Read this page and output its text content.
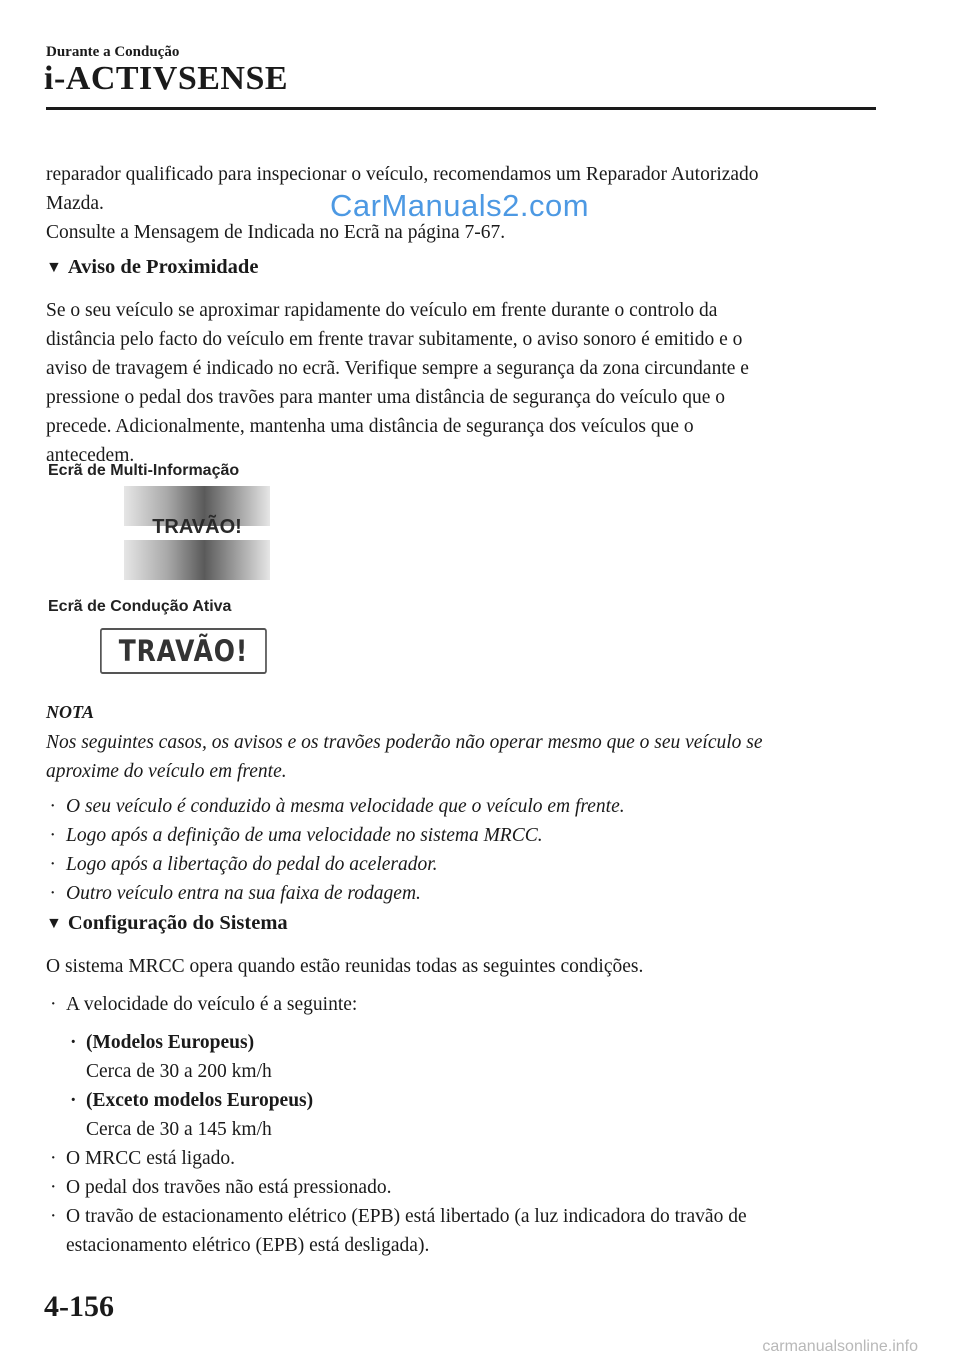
Durante a Condução
i-ACTIVSENSE

reparador qualificado para inspecionar o veículo, recomendamos um Reparador Autorizado

Mazda.	CarManuals2.com

Consulte a Mensagem de Indicada no Ecrã na página 7-67.

▼ Aviso de Proximidade

Se o seu veículo se aproximar rapidamente do veículo em frente durante o controlo da

distância pelo facto do veículo em frente travar subitamente, o aviso sonoro é emitido e o

aviso de travagem é indicado no ecrã. Verifique sempre a segurança da zona circundante e

pressione o pedal dos travões para manter uma distância de segurança do veículo que o

precede. Adicionalmente, mantenha uma distância de segurança dos veículos que o

antecedem.

Ecrã de Multi-Informação
TRAVÃO!
Ecrã de Condução Ativa
TRAVÃO!
NOTA

Nos seguintes casos, os avisos e os travões poderão não operar mesmo que o seu veículo se

aproxime do veículo em frente.

· O seu veículo é conduzido à mesma velocidade que o veículo em frente.

· Logo após a definição de uma velocidade no sistema MRCC.

· Logo após a libertação do pedal do acelerador.

· Outro veículo entra na sua faixa de rodagem.

▼ Configuração do Sistema

O sistema MRCC opera quando estão reunidas todas as seguintes condições.

· A velocidade do veículo é a seguinte:

· (Modelos Europeus)

Cerca de 30 a 200 km/h

· (Exceto modelos Europeus)

Cerca de 30 a 145 km/h

· O MRCC está ligado.

· O pedal dos travões não está pressionado.

· O travão de estacionamento elétrico (EPB) está libertado (a luz indicadora do travão de

estacionamento elétrico (EPB) está desligada).

4-156
carmanualsonline.info
